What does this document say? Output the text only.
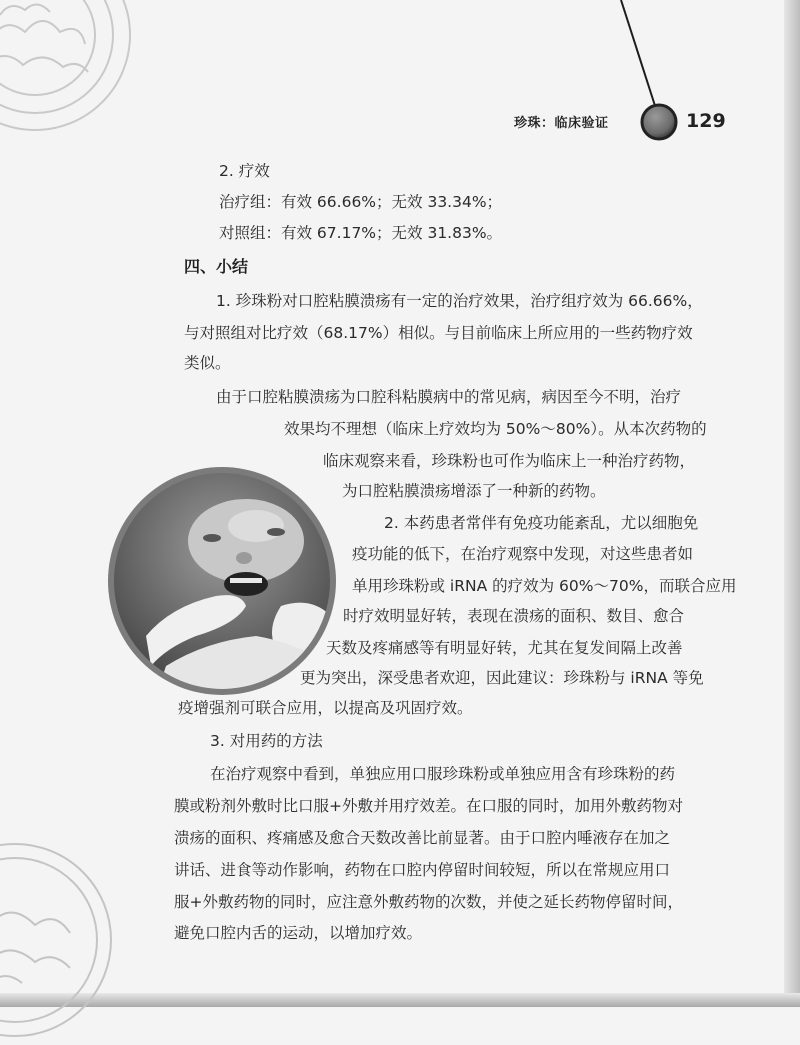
珍珠：临床验证	129
2. 疗效
治疗组：有效 66.66%；无效 33.34%；
对照组：有效 67.17%；无效 31.83%。
四、小结
1. 珍珠粉对口腔粘膜溃疡有一定的治疗效果，治疗组疗效为 66.66%，
与对照组对比疗效（68.17%）相似。与目前临床上所应用的一些药物疗效
类似。
由于口腔粘膜溃疡为口腔科粘膜病中的常见病，病因至今不明，治疗
效果均不理想（临床上疗效均为 50%～80%）。从本次药物的
临床观察来看，珍珠粉也可作为临床上一种治疗药物，
为口腔粘膜溃疡增添了一种新的药物。
2. 本药患者常伴有免疫功能紊乱，尤以细胞免
疫功能的低下，在治疗观察中发现，对这些患者如
单用珍珠粉或 iRNA 的疗效为 60%～70%，而联合应用
时疗效明显好转，表现在溃疡的面积、数目、愈合
天数及疼痛感等有明显好转，尤其在复发间隔上改善
更为突出，深受患者欢迎，因此建议：珍珠粉与 iRNA 等免
疫增强剂可联合应用，以提高及巩固疗效。
3. 对用药的方法
在治疗观察中看到，单独应用口服珍珠粉或单独应用含有珍珠粉的药
膜或粉剂外敷时比口服+外敷并用疗效差。在口服的同时，加用外敷药物对
溃疡的面积、疼痛感及愈合天数改善比前显著。由于口腔内唾液存在加之
讲话、进食等动作影响，药物在口腔内停留时间较短，所以在常规应用口
服+外敷药物的同时，应注意外敷药物的次数，并使之延长药物停留时间，
避免口腔内舌的运动，以增加疗效。
